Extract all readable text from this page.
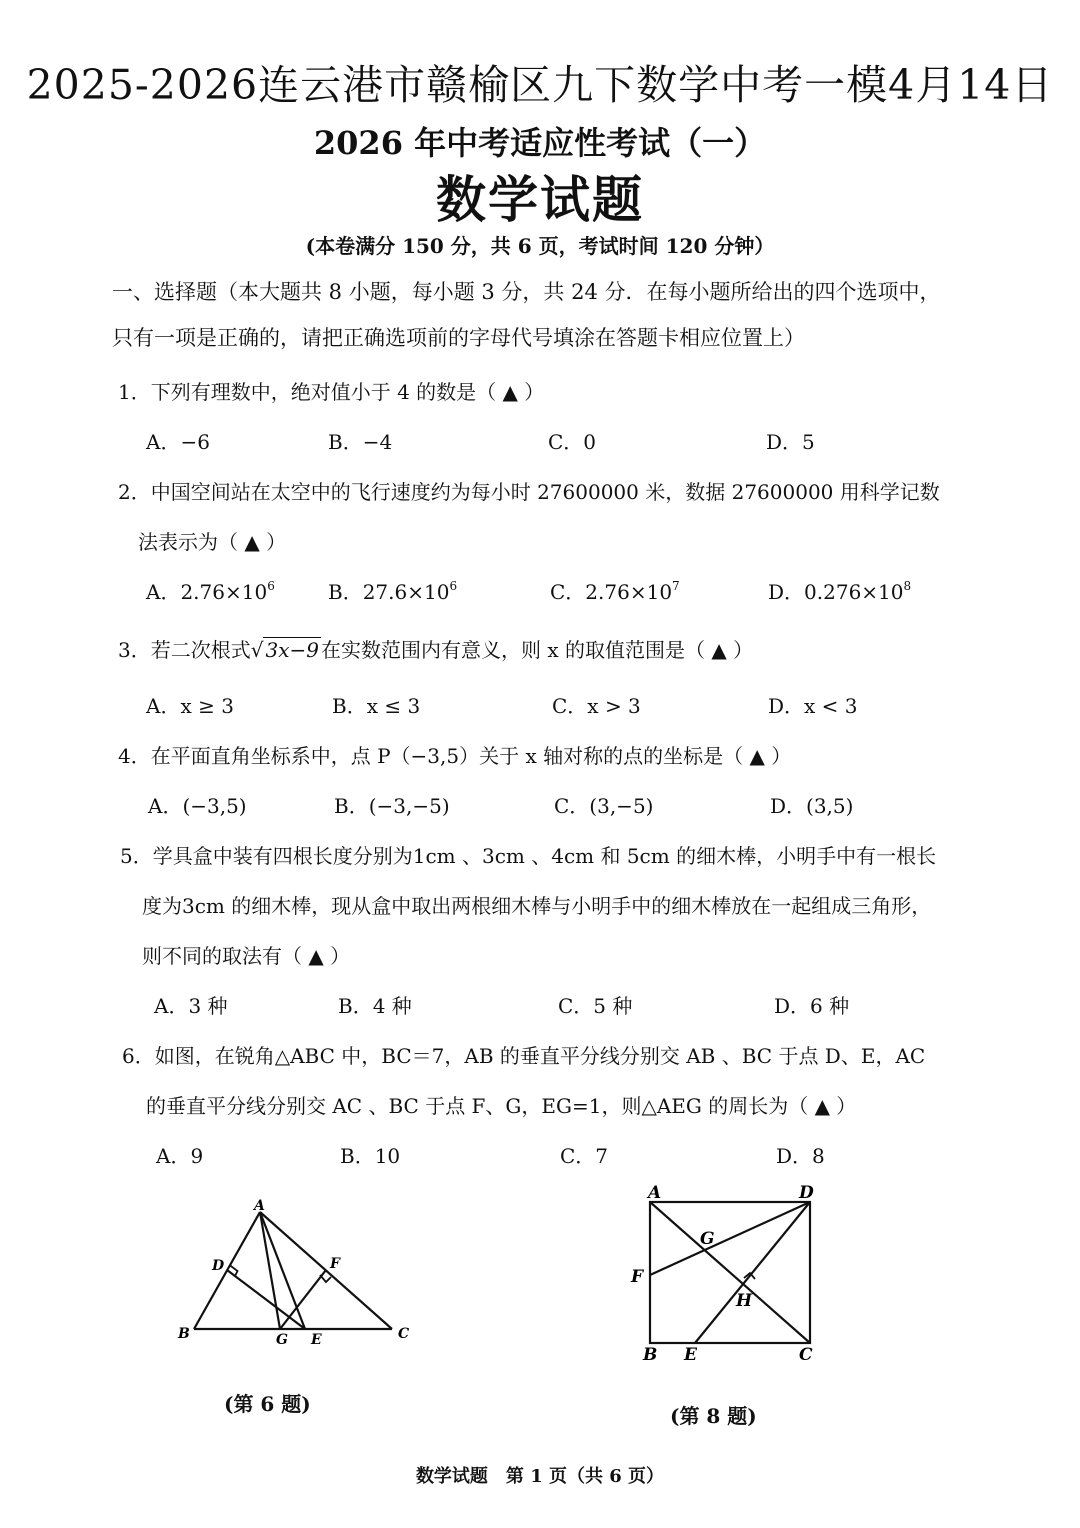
2025-2026连云港市赣榆区九下数学中考一模4月14日
2026 年中考适应性考试（一）
数学试题
(本卷满分 150 分，共 6 页，考试时间 120 分钟）
一、选择题（本大题共 8 小题，每小题 3 分，共 24 分．在每小题所给出的四个选项中，
只有一项是正确的，请把正确选项前的字母代号填涂在答题卡相应位置上）
1．下列有理数中，绝对值小于 4 的数是（ ▲ ）
A．−6	B．−4	C．0	D．5
2．中国空间站在太空中的飞行速度约为每小时 27600000 米，数据 27600000 用科学记数
法表示为（ ▲ ）
A．$2.76\times 10^6$	B．$27.6\times 10^6$	C．$2.76\times 10^7$	D．$0.276\times 10^8$
3．若二次根式√ 3x−9 在实数范围内有意义，则 x 的取值范围是（ ▲ ）
A．x ≥ 3	B．x ≤ 3	C．x > 3	D．x < 3
4．在平面直角坐标系中，点 P（−3,5）关于 x 轴对称的点的坐标是（ ▲ ）
A．(−3,5)	B．(−3,−5)	C．(3,−5)	D．(3,5)
5．学具盒中装有四根长度分别为1cm 、3cm 、4cm 和 5cm 的细木棒，小明手中有一根长
度为3cm 的细木棒，现从盒中取出两根细木棒与小明手中的细木棒放在一起组成三角形，
则不同的取法有（ ▲ ）
A．3 种	B．4 种	C．5 种	D．6 种
6．如图，在锐角△ABC 中，BC＝7，AB 的垂直平分线分别交 AB 、BC 于点 D、E，AC
的垂直平分线分别交 AC 、BC 于点 F、G，EG=1，则△AEG 的周长为（ ▲ ）
A．9	B．10	C．7	D．8
A
D	F
B	G E	C
(第 6 题)
A	D
G
F
H
B E	C
(第 8 题)
数学试题　第 1 页（共 6 页）
